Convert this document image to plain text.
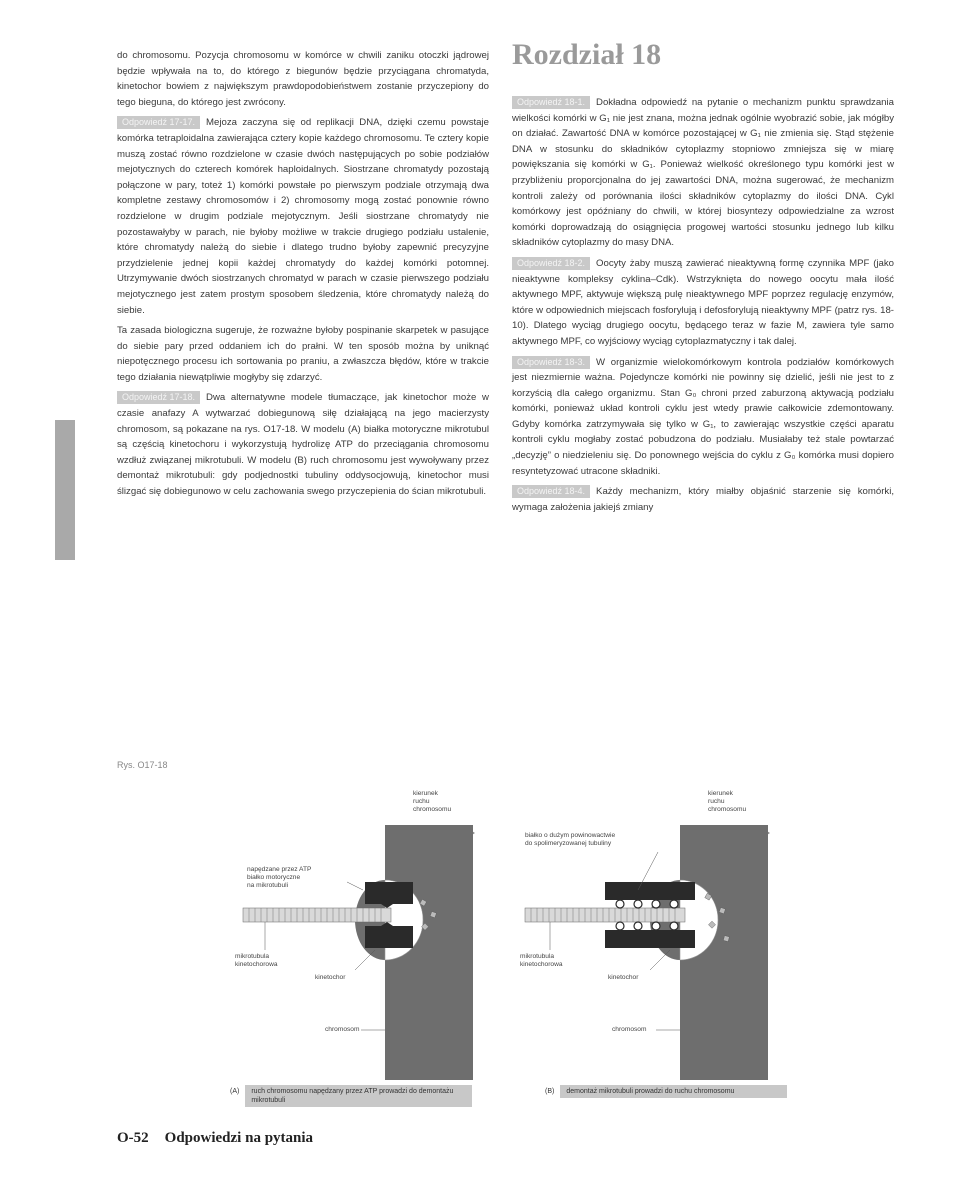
do chromosomu. Pozycja chromosomu w komórce w chwili zaniku otoczki jądrowej będzie wpływała na to, do którego z biegunów będzie przyciągana chromatyda, kinetochor bowiem z największym prawdopodobieństwem zostanie przyczepiony do tego bieguna, do którego jest zwrócony.

Odpowiedź 17-17. Mejoza zaczyna się od replikacji DNA, dzięki czemu powstaje komórka tetraploidalna zawierająca cztery kopie każdego chromosomu. Te cztery kopie muszą zostać równo rozdzielone w czasie dwóch następujących po sobie podziałów mejotycznych do czterech komórek haploidalnych. Siostrzane chromatydy pozostają połączone w pary, toteż 1) komórki powstałe po pierwszym podziale otrzymają dwa kompletne zestawy chromosomów i 2) chromosomy mogą zostać ponownie równo rozdzielone w drugim podziale mejotycznym. Jeśli siostrzane chromatydy nie pozostawałyby w parach, nie byłoby możliwe w trakcie drugiego podziału ustalenie, które chromatydy należą do siebie i dlatego trudno byłoby zapewnić precyzyjne przydzielenie jednej kopii każdej chromatydy do każdej komórki potomnej. Utrzymywanie dwóch siostrzanych chromatyd w parach w czasie pierwszego podziału mejotycznego jest zatem prostym sposobem śledzenia, które chromatydy należą do siebie.

Ta zasada biologiczna sugeruje, że rozważne byłoby pospinanie skarpetek w pasujące do siebie pary przed oddaniem ich do prałni. W ten sposób można by uniknąć niepotęcznego procesu ich sortowania po praniu, a zwłaszcza błędów, które w trakcie tego działania niewątpliwie mogłyby się zdarzyć.

Odpowiedź 17-18. Dwa alternatywne modele tłumaczące, jak kinetochor może w czasie anafazy A wytwarzać dobiegunową siłę działającą na jego macierzysty chromosom, są pokazane na rys. O17-18. W modelu (A) białka motoryczne mikrotubul są częścią kinetochoru i wykorzystują hydrolizę ATP do przeciągania chromosomu wzdłuż związanej mikrotubuli. W modelu (B) ruch chromosomu jest wywoływany przez demontaż mikrotubuli: gdy podjednostki tubuliny oddysocjowują, kinetochor musi ślizgać się dobiegunowo w celu zachowania swego przyczepienia do ścian mikrotubuli.

Rozdział 18

Odpowiedź 18-1. Dokładna odpowiedź na pytanie o mechanizm punktu sprawdzania wielkości komórki w G₁ nie jest znana, można jednak ogólnie wyobrazić sobie, jak mógłby on działać. Zawartość DNA w komórce pozostającej w G₁ nie zmienia się. Stąd stężenie DNA w stosunku do składników cytoplazmy stopniowo zmniejsza się w miarę powiększania się komórki w G₁. Ponieważ wielkość określonego typu komórki jest w przybliżeniu proporcjonalna do jej zawartości DNA, można sugerować, że mechanizm kontroli zależy od porównania ilości składników cytoplazmy do ilości DNA. Cykl komórkowy jest opóźniany do chwili, w której biosyntezy odpowiedzialne za wzrost komórki doprowadzają do osiągnięcia progowej wartości stosunku jednego lub kilku składników cytoplazmy do masy DNA.

Odpowiedź 18-2. Oocyty żaby muszą zawierać nieaktywną formę czynnika MPF (jako nieaktywne kompleksy cyklina–Cdk). Wstrzyknięta do nowego oocytu mała ilość aktywnego MPF, aktywuje większą pulę nieaktywnego MPF poprzez regulację enzymów, które w odpowiednich miejscach fosforylują i defosforylują nieaktywny MPF (patrz rys. 18-10). Dlatego wyciąg drugiego oocytu, będącego teraz w fazie M, zawiera tyle samo aktywnego MPF, co wyjściowy wyciąg cytoplazmatyczny i tak dalej.

Odpowiedź 18-3. W organizmie wielokomórkowym kontrola podziałów komórkowych jest niezmiernie ważna. Pojedyncze komórki nie powinny się dzielić, jeśli nie jest to z korzyścią dla całego organizmu. Stan G₀ chroni przed zaburzoną aktywacją podziału komórki, ponieważ układ kontroli cyklu jest wtedy prawie całkowicie zdemontowany. Gdyby komórka zatrzymywała się tylko w G₁, to zawierając wszystkie części aparatu kontroli cyklu mogłaby zostać pobudzona do podziału. Musiałaby też stale powtarzać „decyzję” o niedzieleniu się. Do ponownego wejścia do cyklu z G₀ komórka musi dopiero resyntetyzować utracone składniki.

Odpowiedź 18-4. Każdy mechanizm, który miałby objaśnić starzenie się komórki, wymaga założenia jakiejś zmiany

Rys. O17-18
kierunek
ruchu
chromosomu
napędzane przez ATP
białko motoryczne
na mikrotubuli
mikrotubula
kinetochorowa
kinetochor
chromosom
kierunek
ruchu
chromosomu
białko o dużym powinowactwie
do spolimeryzowanej tubuliny
mikrotubula
kinetochorowa
kinetochor
chromosom
(A) ruch chromosomu napędzany przez ATP prowadzi do demontażu mikrotubuli
(B) demontaż mikrotubuli prowadzi do ruchu chromosomu
O-52 Odpowiedzi na pytania
